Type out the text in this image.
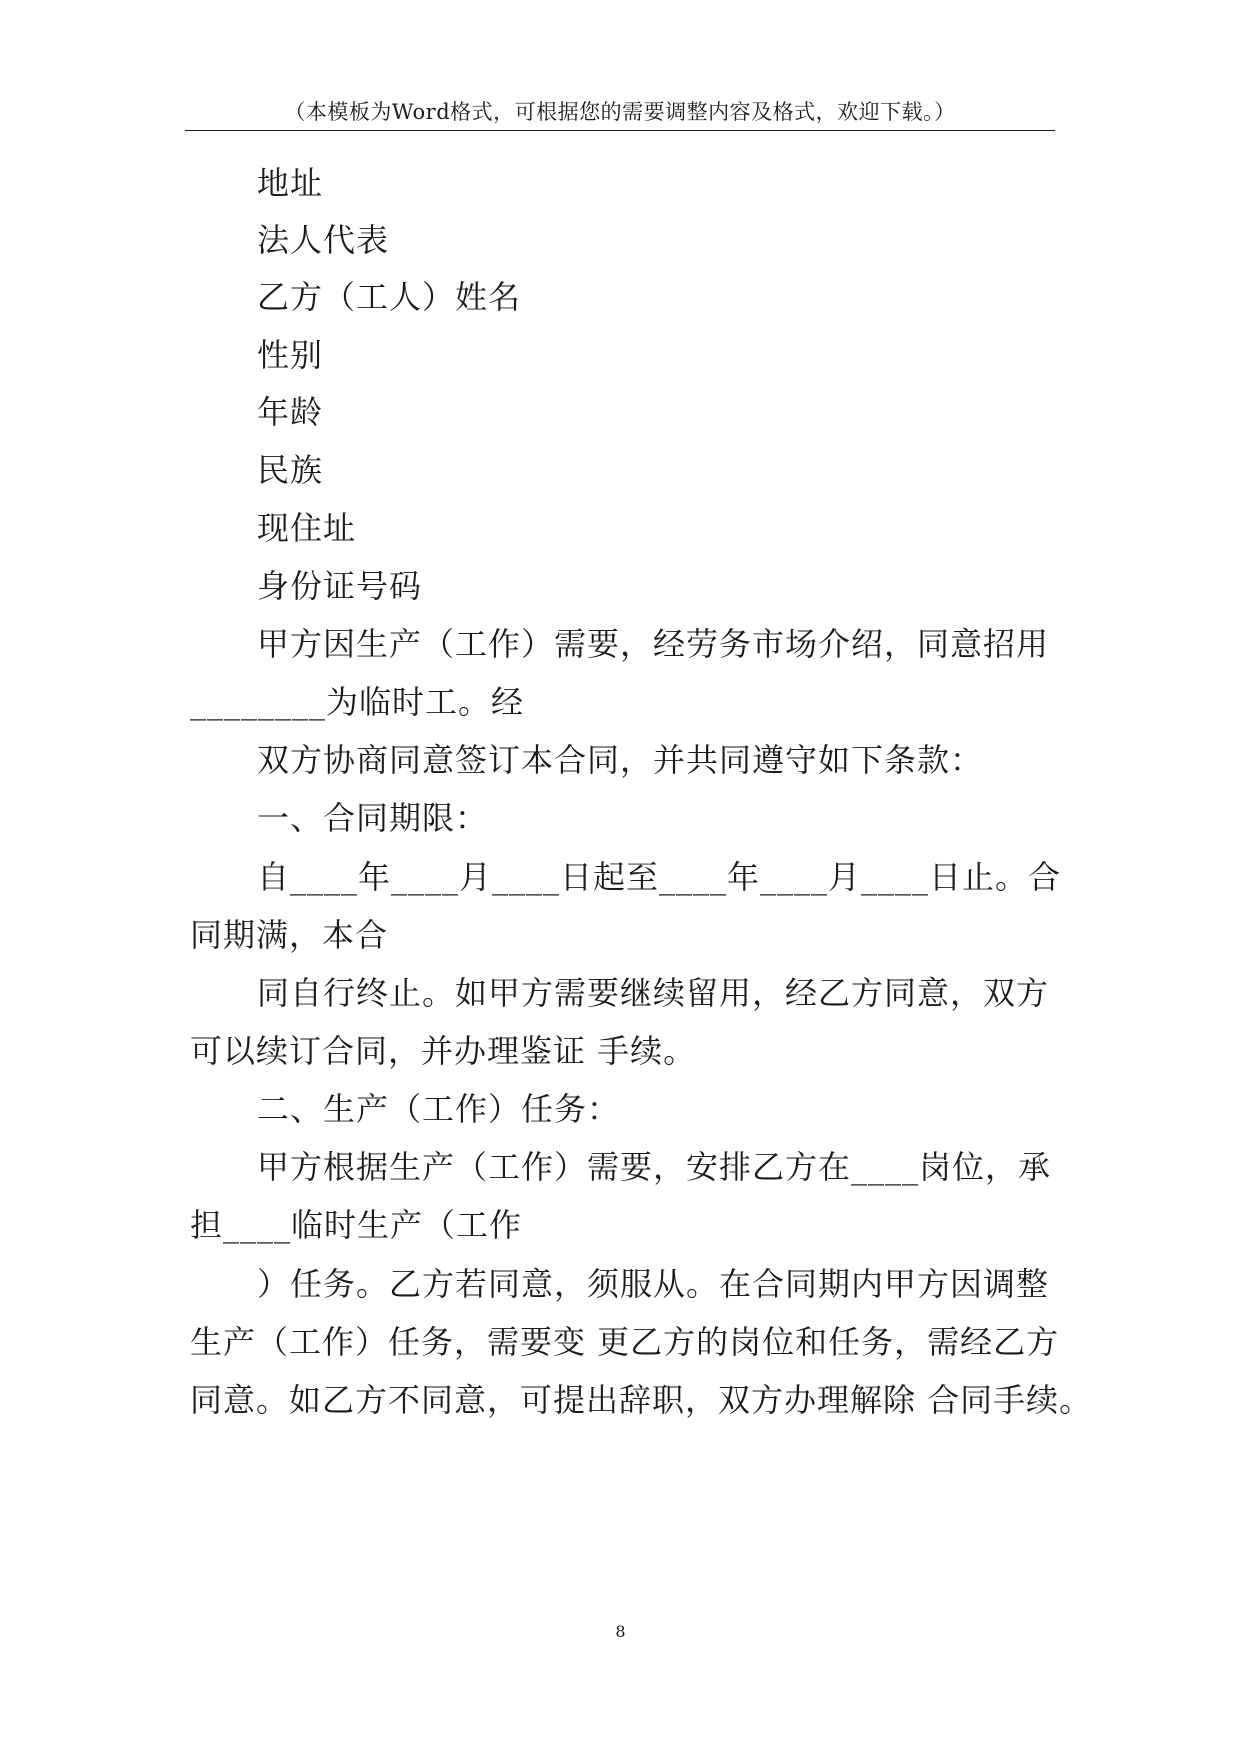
（本模板为Word格式，可根据您的需要调整内容及格式，欢迎下载。）
地址
法人代表
乙方（工人）姓名
性别
年龄
民族
现住址
身份证号码
甲方因生产（工作）需要，经劳务市场介绍，同意招用
________为临时工。经
双方协商同意签订本合同，并共同遵守如下条款：
一、合同期限：
自____年____月____日起至____年____月____日止。合
同期满，本合
同自行终止。如甲方需要继续留用，经乙方同意，双方
可以续订合同，并办理鉴证 手续。
二、生产（工作）任务：
甲方根据生产（工作）需要，安排乙方在____岗位，承
担____临时生产（工作
）任务。乙方若同意，须服从。在合同期内甲方因调整
生产（工作）任务，需要变 更乙方的岗位和任务，需经乙方
同意。如乙方不同意，可提出辞职，双方办理解除 合同手续。
8
